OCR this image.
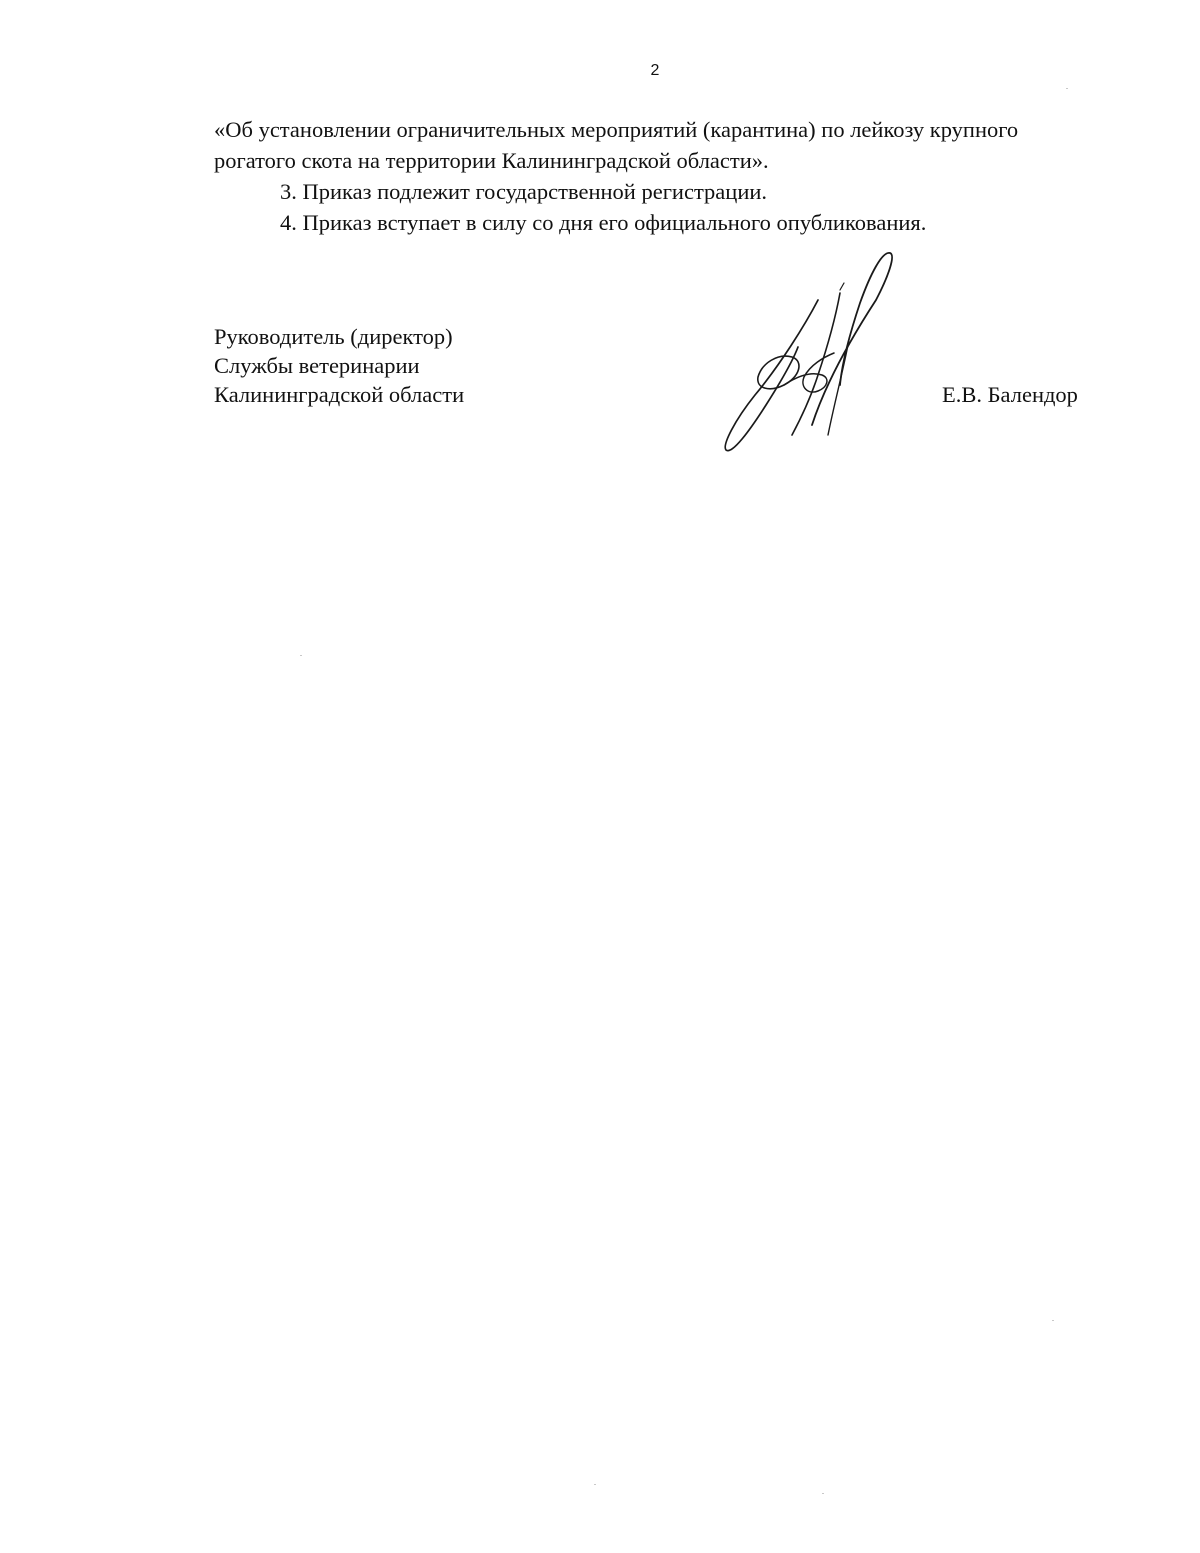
2

«Об установлении ограничительных мероприятий (карантина) по лейкозу крупного

рогатого скота на территории Калининградской области».

3. Приказ подлежит государственной регистрации.

4. Приказ вступает в силу со дня его официального опубликования.

Руководитель (директор)
Службы ветеринарии
Калининградской области	Е.В. Балендор
